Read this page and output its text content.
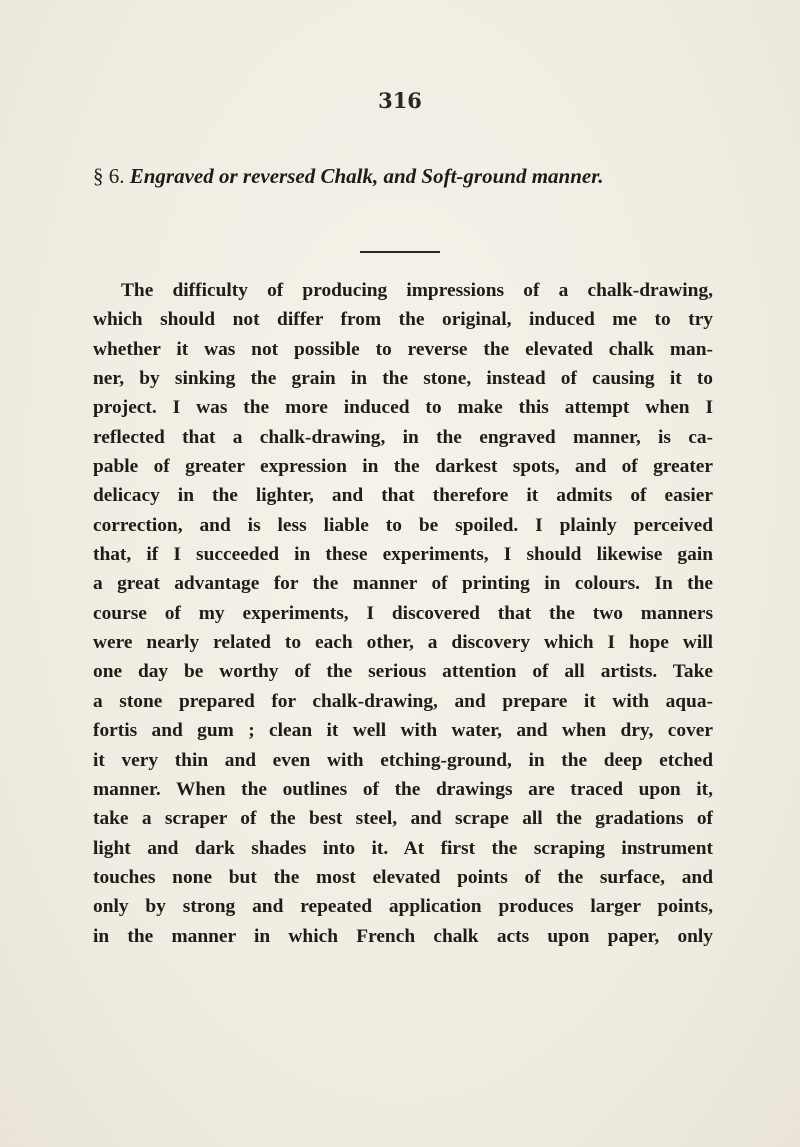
316
§ 6. Engraved or reversed Chalk, and Soft-ground manner.
The difficulty of producing impressions of a chalk-drawing,
which should not differ from the original, induced me to try
whether it was not possible to reverse the elevated chalk man-
ner, by sinking the grain in the stone, instead of causing it to
project. I was the more induced to make this attempt when I
reflected that a chalk-drawing, in the engraved manner, is ca-
pable of greater expression in the darkest spots, and of greater
delicacy in the lighter, and that therefore it admits of easier
correction, and is less liable to be spoiled. I plainly perceived
that, if I succeeded in these experiments, I should likewise gain
a great advantage for the manner of printing in colours. In the
course of my experiments, I discovered that the two manners
were nearly related to each other, a discovery which I hope will
one day be worthy of the serious attention of all artists. Take
a stone prepared for chalk-drawing, and prepare it with aqua-
fortis and gum ; clean it well with water, and when dry, cover
it very thin and even with etching-ground, in the deep etched
manner. When the outlines of the drawings are traced upon it,
take a scraper of the best steel, and scrape all the gradations of
light and dark shades into it. At first the scraping instrument
touches none but the most elevated points of the surface, and
only by strong and repeated application produces larger points,
in the manner in which French chalk acts upon paper, only
